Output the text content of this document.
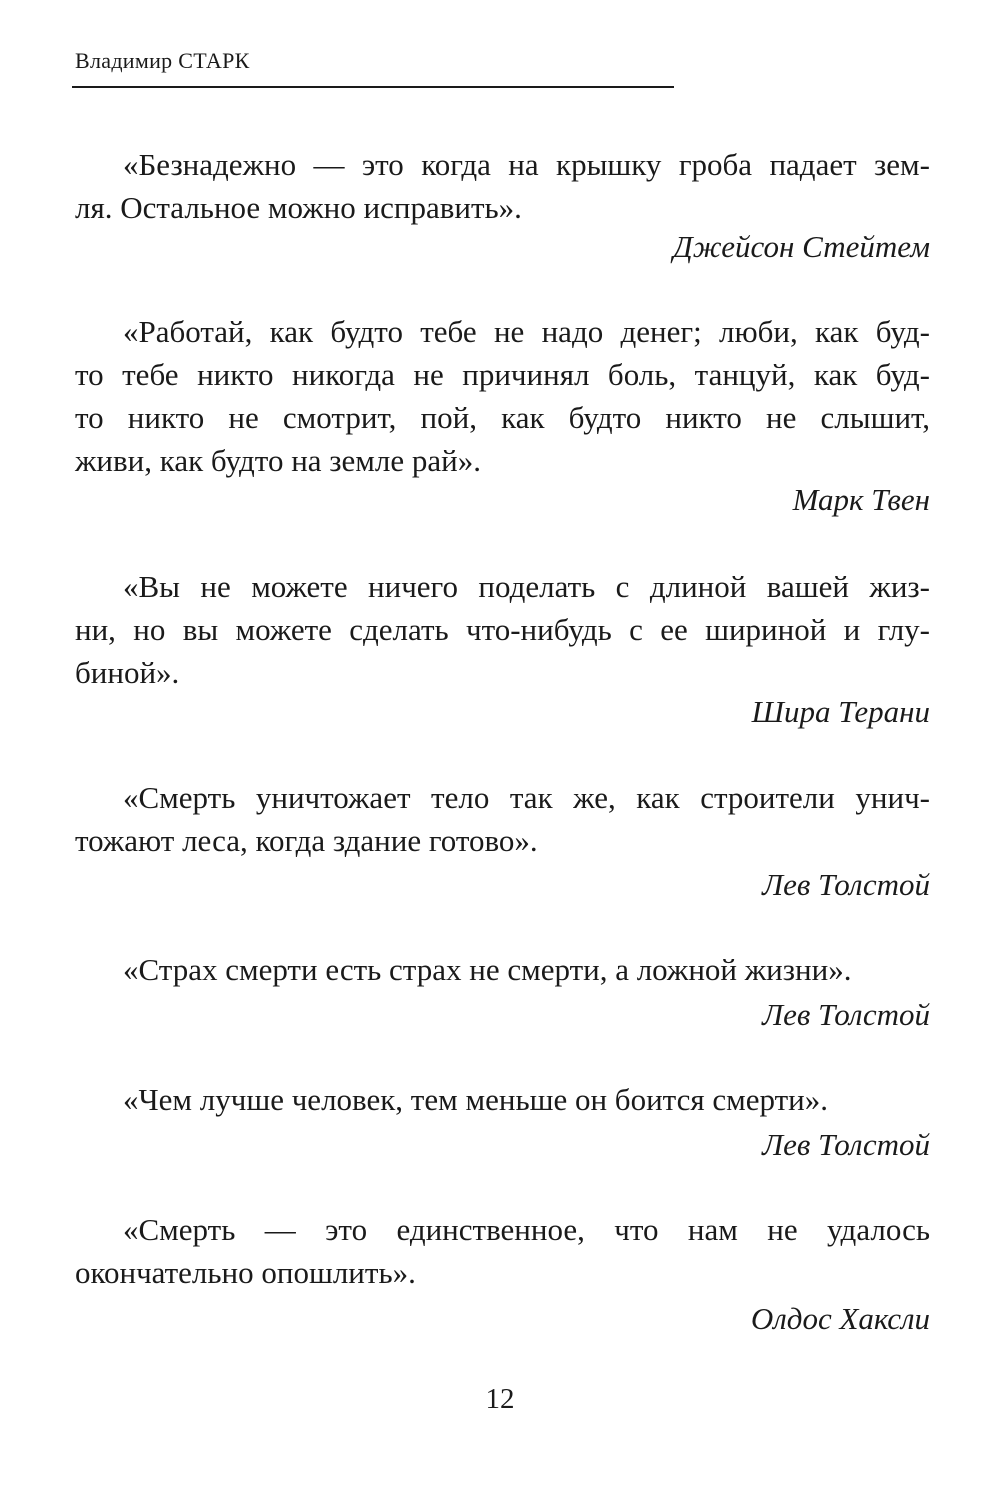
Владимир СТАРК
«Безнадежно — это когда на крышку гроба падает зем-
ля. Остальное можно исправить».
Джейсон Стейтем
«Работай, как будто тебе не надо денег; люби, как буд-
то тебе никто никогда не причинял боль, танцуй, как буд-
то никто не смотрит, пой, как будто никто не слышит,
живи, как будто на земле рай».
Марк Твен
«Вы не можете ничего поделать с длиной вашей жиз-
ни, но вы можете сделать что-нибудь с ее шириной и глу-
биной».
Шира Терани
«Смерть уничтожает тело так же, как строители унич-
тожают леса, когда здание готово».
Лев Толстой
«Страх смерти есть страх не смерти, а ложной жизни».
Лев Толстой
«Чем лучше человек, тем меньше он боится смерти».
Лев Толстой
«Смерть — это единственное, что нам не удалось
окончательно опошлить».
Олдос Хаксли
12
